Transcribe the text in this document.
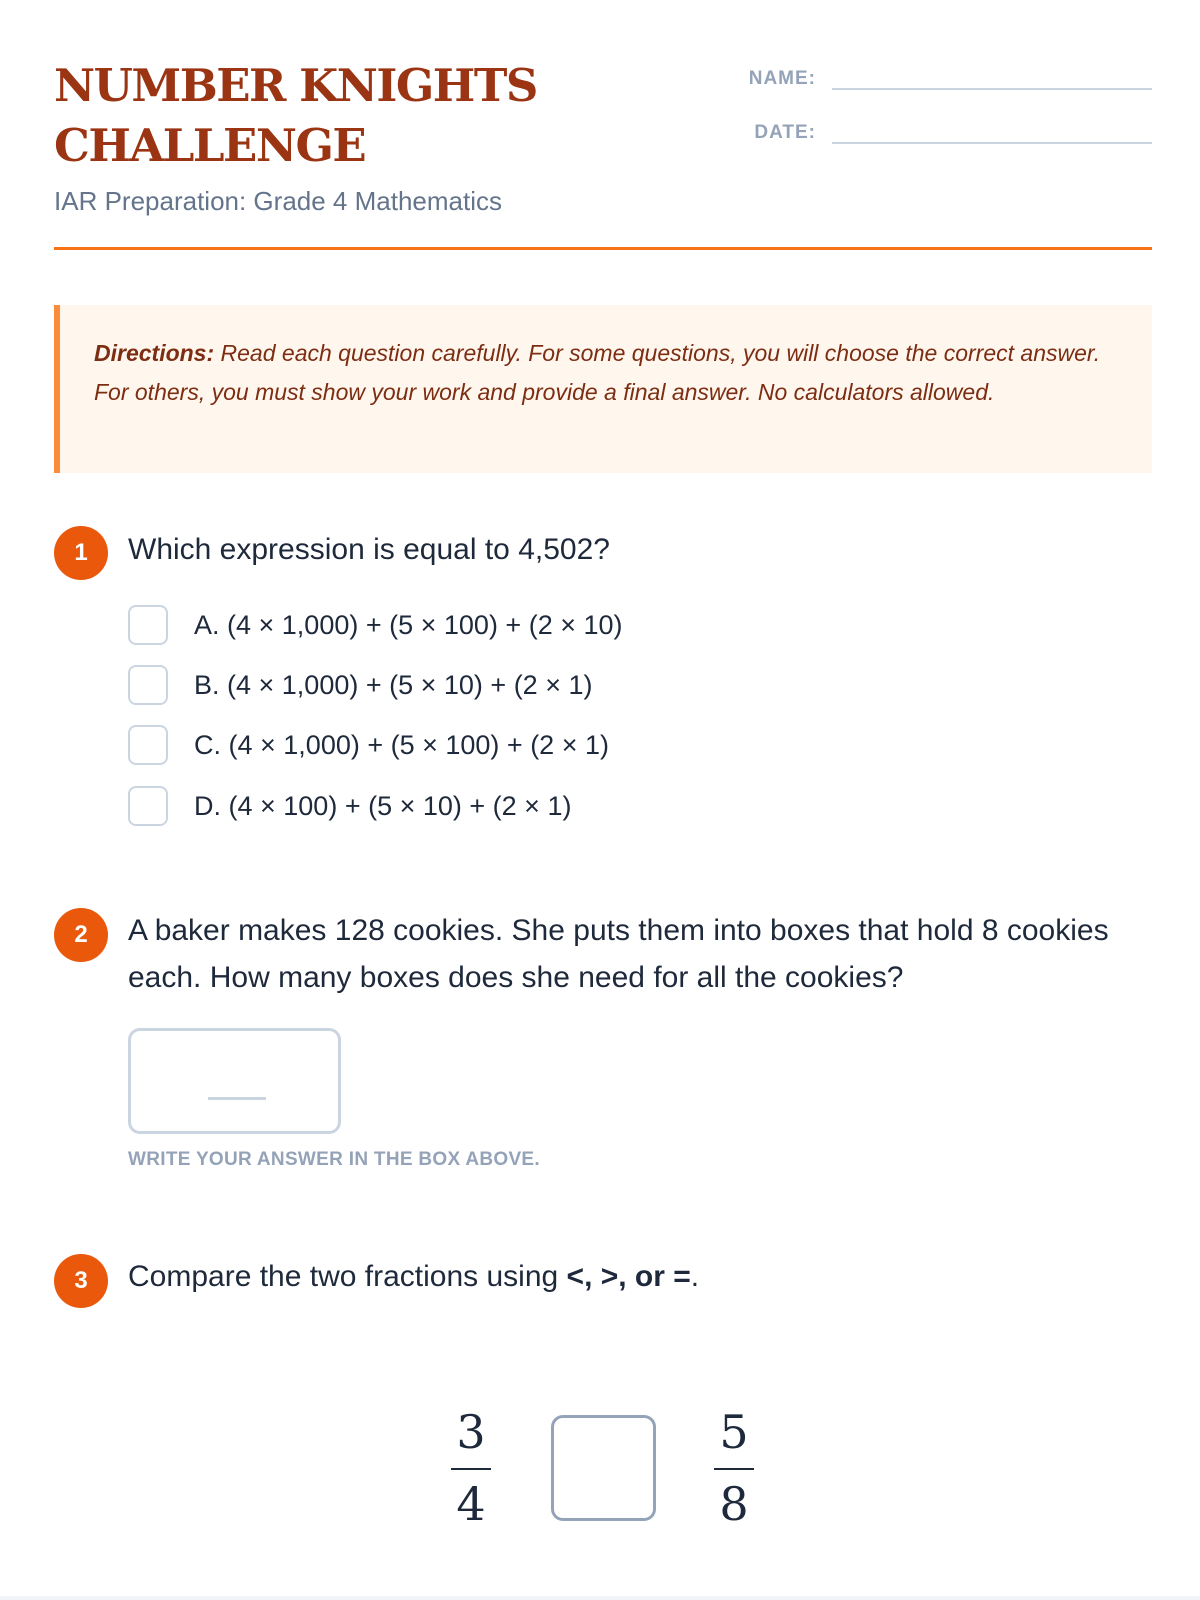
NUMBER KNIGHTS CHALLENGE
IAR Preparation: Grade 4 Mathematics
NAME:
DATE:
Directions: Read each question carefully. For some questions, you will choose the correct answer. For others, you must show your work and provide a final answer. No calculators allowed.
1	Which expression is equal to 4,502?
A. (4 × 1,000) + (5 × 100) + (2 × 10)
B. (4 × 1,000) + (5 × 10) + (2 × 1)
C. (4 × 1,000) + (5 × 100) + (2 × 1)
D. (4 × 100) + (5 × 10) + (2 × 1)
2	A baker makes 128 cookies. She puts them into boxes that hold 8 cookies each. How many boxes does she need for all the cookies?
WRITE YOUR ANSWER IN THE BOX ABOVE.
3	Compare the two fractions using <, >, or =.
3
4
5
8
